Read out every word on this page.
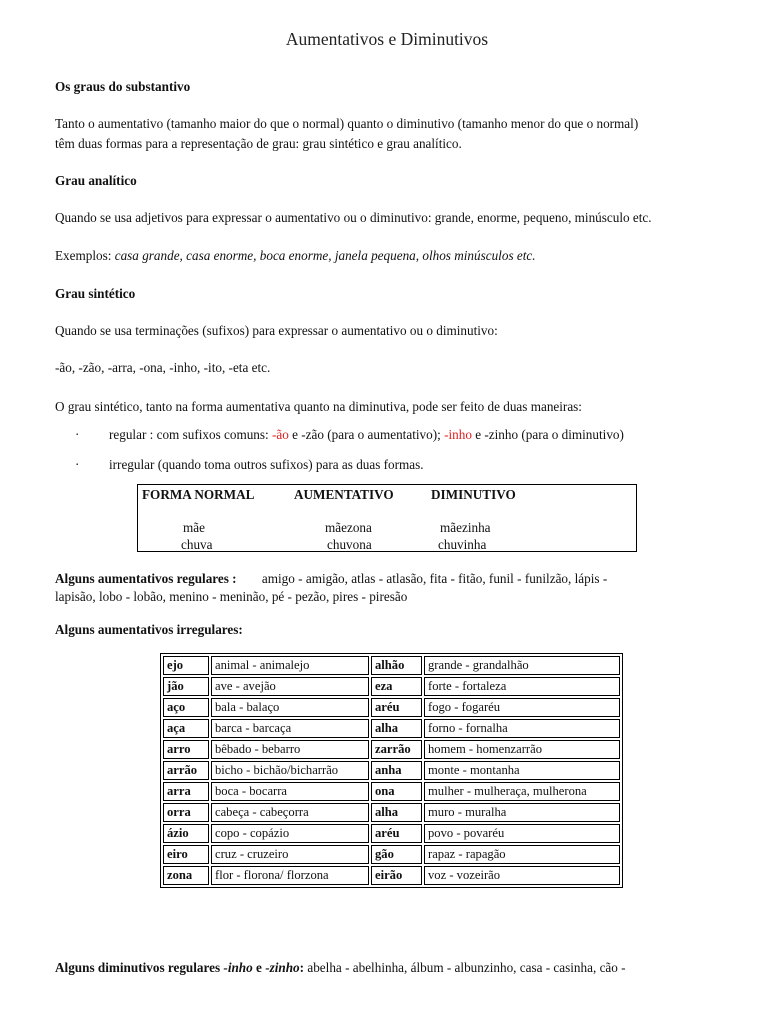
Aumentativos e Diminutivos
Os graus do substantivo
Tanto o aumentativo (tamanho maior do que o normal) quanto o diminutivo (tamanho menor do que o normal)
têm duas formas para a representação de grau: grau sintético e grau analítico.
Grau analítico
Quando se usa adjetivos para expressar o aumentativo ou o diminutivo: grande, enorme, pequeno, minúsculo etc.
Exemplos: casa grande, casa enorme, boca enorme, janela pequena, olhos minúsculos etc.
Grau sintético
Quando se usa terminações (sufixos) para expressar o aumentativo ou o diminutivo:
-ão, -zão, -arra, -ona, -inho, -ito, -eta etc.
O grau sintético, tanto na forma aumentativa quanto na diminutiva, pode ser feito de duas maneiras:
· regular : com sufixos comuns: -ão e -zão (para o aumentativo); -inho e -zinho (para o diminutivo)
· irregular (quando toma outros sufixos) para as duas formas.
FORMA NORMAL	AUMENTATIVO	DIMINUTIVO
mãe	mãezona	mãezinha
chuva	chuvona	chuvinha
Alguns aumentativos regulares : amigo - amigão, atlas - atlasão, fita - fitão, funil - funilzão, lápis -
lapisão, lobo - lobão, menino - meninão, pé - pezão, pires - piresão
Alguns aumentativos irregulares:
ejo	animal - animalejo	alhão	grande - grandalhão
jão	ave - avejão	eza	forte - fortaleza
aço	bala - balaço	aréu	fogo - fogaréu
aça	barca - barcaça	alha	forno - fornalha
arro	bêbado - bebarro	zarrão	homem - homenzarrão
arrão	bicho - bichão/bicharrão	anha	monte - montanha
arra	boca - bocarra	ona	mulher - mulheraça, mulherona
orra	cabeça - cabeçorra	alha	muro - muralha
ázio	copo - copázio	aréu	povo - povaréu
eiro	cruz - cruzeiro	gão	rapaz - rapagão
zona	flor - florona/ florzona	eirão	voz - vozeirão
Alguns diminutivos regulares -inho e -zinho: abelha - abelhinha, álbum - albunzinho, casa - casinha, cão -
